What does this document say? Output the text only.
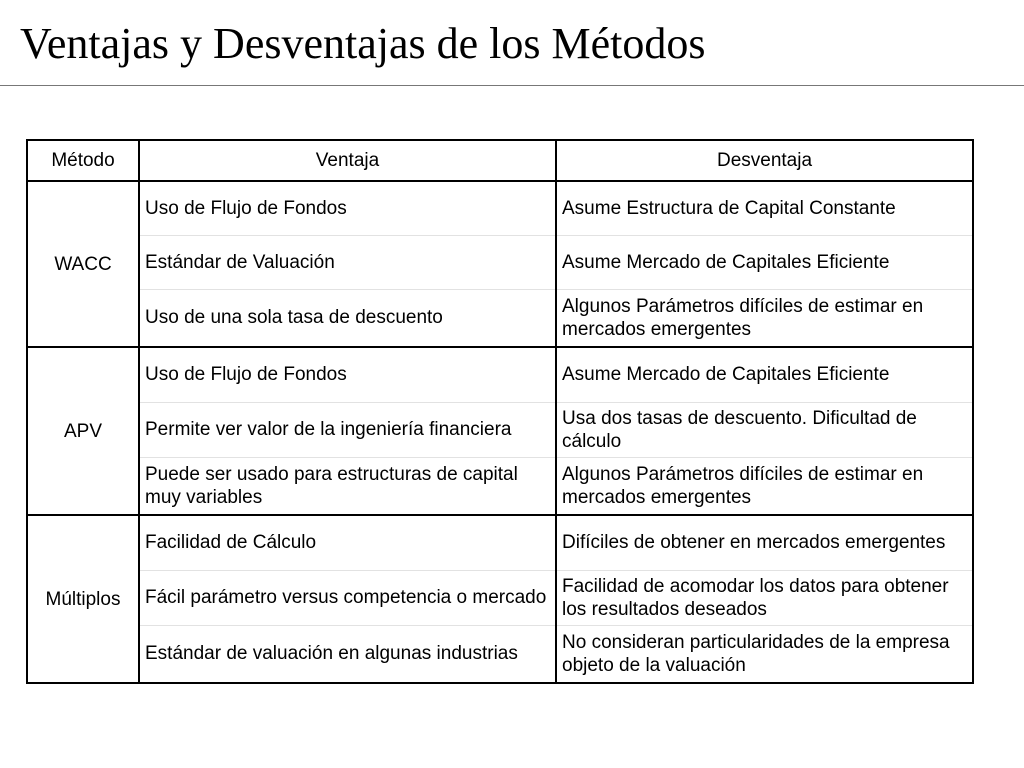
Ventajas y Desventajas de los Métodos
Método	Ventaja	Desventaja
WACC	Uso de Flujo de Fondos	Asume Estructura de Capital Constante

	Estándar de Valuación	Asume Mercado de Capitales Eficiente

	Uso de una sola tasa de descuento	Algunos Parámetros difíciles de estimar en mercados emergentes

APV	Uso de Flujo de Fondos	Asume Mercado de Capitales Eficiente

	Permite ver valor de la ingeniería financiera	Usa dos tasas de descuento. Dificultad de cálculo

	Puede ser usado para estructuras de capital muy variables	Algunos Parámetros difíciles de estimar en mercados emergentes

Múltiplos	Facilidad de Cálculo	Difíciles de obtener en mercados emergentes

	Fácil parámetro versus competencia o mercado	Facilidad de acomodar los datos para obtener los resultados deseados

	Estándar de valuación en algunas industrias	No consideran particularidades de la empresa objeto de la valuación
